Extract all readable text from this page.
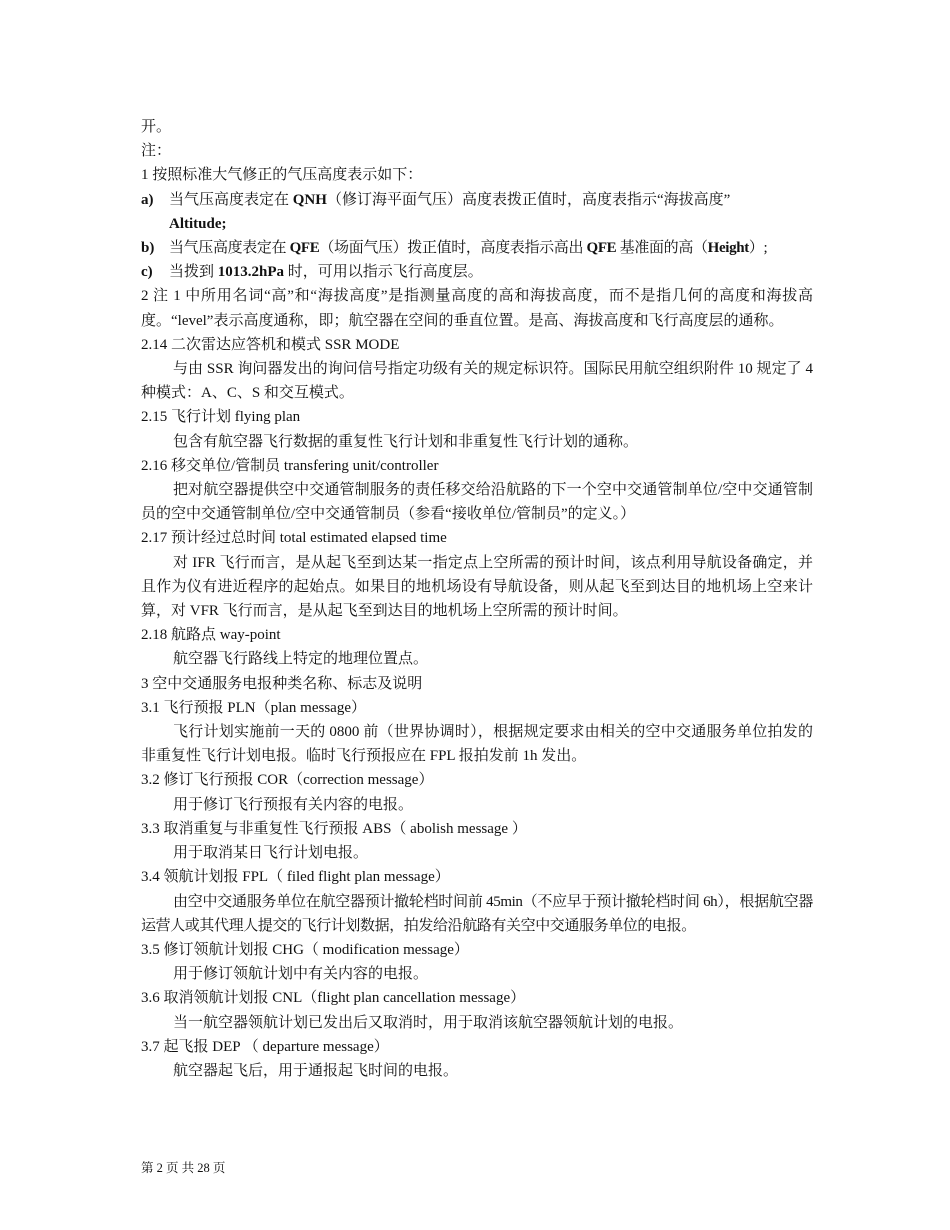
开。
注：
1 按照标准大气修正的气压高度表示如下：
a)	当气压高度表定在 QNH（修订海平面气压）高度表拨正值时，高度表指示“海拔高度”
Altitude;
b) 当气压高度表定在 QFE（场面气压）拨正值时，高度表指示高出 QFE 基准面的高（Height）;
c)	当拨到 1013.2hPa 时，可用以指示飞行高度层。
2 注 1 中所用名词“高”和“海拔高度”是指测量高度的高和海拔高度，而不是指几何的高度和海拔高度。“level”表示高度通称，即；航空器在空间的垂直位置。是高、海拔高度和飞行高度层的通称。
2.14 二次雷达应答机和模式 SSR MODE
与由 SSR 询问器发出的询问信号指定功级有关的规定标识符。国际民用航空组织附件 10 规定了 4 种模式：A、C、S 和交互模式。
2.15 飞行计划 flying plan
包含有航空器飞行数据的重复性飞行计划和非重复性飞行计划的通称。
2.16 移交单位/管制员 transfering unit/controller
把对航空器提供空中交通管制服务的责任移交给沿航路的下一个空中交通管制单位/空中交通管制员的空中交通管制单位/空中交通管制员（参看“接收单位/管制员”的定义。）
2.17 预计经过总时间 total estimated elapsed time
对 IFR 飞行而言，是从起飞至到达某一指定点上空所需的预计时间，该点利用导航设备确定，并且作为仪有进近程序的起始点。如果目的地机场设有导航设备，则从起飞至到达目的地机场上空来计算，对 VFR 飞行而言，是从起飞至到达目的地机场上空所需的预计时间。
2.18 航路点 way-point
航空器飞行路线上特定的地理位置点。
3 空中交通服务电报种类名称、标志及说明
3.1 飞行预报 PLN（plan message）
飞行计划实施前一天的 0800 前（世界协调时），根据规定要求由相关的空中交通服务单位拍发的非重复性飞行计划电报。临时飞行预报应在 FPL 报拍发前 1h 发出。
3.2 修订飞行预报 COR（correction message）
用于修订飞行预报有关内容的电报。
3.3 取消重复与非重复性飞行预报 ABS（ abolish message ）
用于取消某日飞行计划电报。
3.4 领航计划报 FPL（ filed flight plan message）
由空中交通服务单位在航空器预计撤轮档时间前 45min（不应早于预计撤轮档时间 6h），根据航空器运营人或其代理人提交的飞行计划数据，拍发给沿航路有关空中交通服务单位的电报。
3.5 修订领航计划报 CHG（ modification message）
用于修订领航计划中有关内容的电报。
3.6 取消领航计划报 CNL（flight plan cancellation message）
当一航空器领航计划已发出后又取消时，用于取消该航空器领航计划的电报。
3.7 起飞报 DEP （ departure message）
航空器起飞后，用于通报起飞时间的电报。
第 2 页 共 28 页
